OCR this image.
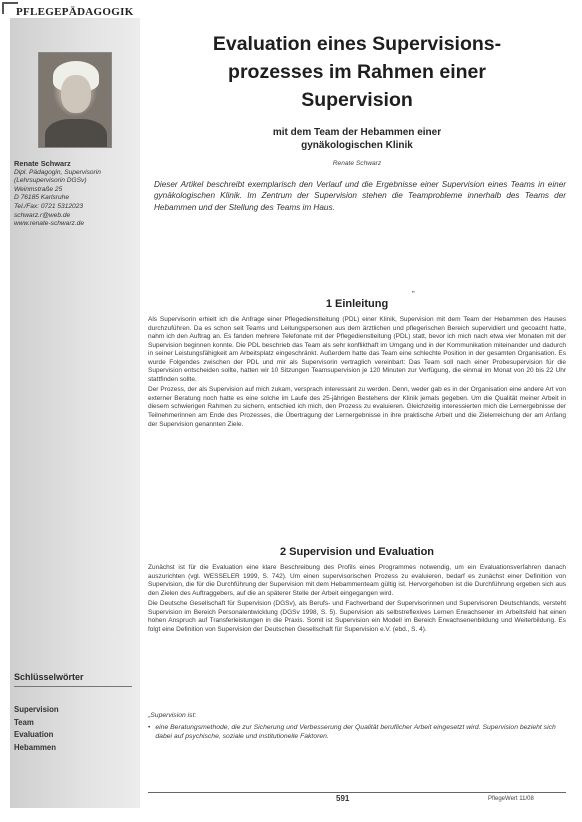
PFLEGEPÄDAGOGIK
Renate Schwarz
Dipl. Pädagogin, Supervisorin
(Lehrsupervisorin DGSv)
Weinmstraße 25
D 76185 Karlsruhe
Tel./Fax: 0721 5312023
schwarz.r@web.de
www.renate-schwarz.de
Schlüsselwörter
Supervision
Team
Evaluation
Hebammen
Evaluation eines Supervisions-
prozesses im Rahmen einer
Supervision
mit dem Team der Hebammen einer
gynäkologischen Klinik
Renate Schwarz
Dieser Artikel beschreibt exemplarisch den Verlauf und die Ergebnisse einer Supervision eines Teams in einer gynäkologischen Klinik. Im Zentrum der Supervision stehen die Teamprobleme innerhalb des Teams der Hebammen und der Stellung des Teams im Haus.
”
1 Einleitung

Als Supervisorin erhielt ich die Anfrage einer Pflegedienstleitung (PDL) einer Klinik, Supervision mit dem Team der Hebammen des Hauses durchzuführen. Da es schon seit Teams und Leitungspersonen aus dem ärztlichen und pflegerischen Bereich supervidiert und gecoacht hatte, nahm ich den Auftrag an. Es fanden mehrere Telefonate mit der Pflegedienstleitung (PDL) statt, bevor ich mich nach etwa vier Monaten mit der Supervision beginnen konnte. Die PDL beschrieb das Team als sehr konflikthaft im Umgang und in der Kommunikation miteinander und dadurch in seiner Leistungsfähigkeit am Arbeitsplatz eingeschränkt. Außerdem hatte das Team eine schlechte Position in der gesamten Organisation. Es wurde Folgendes zwischen der PDL und mir als Supervisorin vertraglich vereinbart: Das Team soll nach einer Probesupervision für die Supervision entscheiden sollte, hatten wir 10 Sitzungen Teamsupervision je 120 Minuten zur Verfügung, die einmal im Monat von 20 bis 22 Uhr stattfinden sollte.

Der Prozess, der als Supervision auf mich zukam, versprach interessant zu werden. Denn, weder gab es in der Organisation eine andere Art von externer Beratung noch hatte es eine solche im Laufe des 25-jährigen Bestehens der Klinik jemals gegeben. Um die Qualität meiner Arbeit in diesem schwierigen Rahmen zu sichern, entschied ich mich, den Prozess zu evaluieren. Gleichzeitig interessierten mich die Lernergebnisse der Teilnehmerinnen am Ende des Prozesses, die Übertragung der Lernergebnisse in ihre praktische Arbeit und die Zielerreichung der am Anfang der Supervision genannten Ziele.

2 Supervision und Evaluation

Zunächst ist für die Evaluation eine klare Beschreibung des Profils eines Programmes notwendig, um ein Evaluationsverfahren danach auszurichten (vgl. WESSELER 1999, S. 742). Um einen supervisorischen Prozess zu evaluieren, bedarf es zunächst einer Definition von Supervision, die für die Durchführung der Supervision mit dem Hebammenteam gültig ist. Hervorgehoben ist die Durchführung ergeben sich aus den Zielen des Auftraggebers, auf die an späterer Stelle der Arbeit eingegangen wird.

Die Deutsche Gesellschaft für Supervision (DGSv), als Berufs- und Fachverband der Supervisorinnen und Supervisoren Deutschlands, versteht Supervision im Bereich Personalentwicklung (DGSv 1998, S. 5). Supervision als selbstreflexives Lernen Erwachsener im Arbeitsfeld hat einen hohen Anspruch auf Transferleistungen in die Praxis. Somit ist Supervision ein Modell im Bereich Erwachsenenbildung und Weiterbildung. Es folgt eine Definition von Supervision der Deutschen Gesellschaft für Supervision e.V. (ebd., S. 4).

„Supervision ist:
• eine Beratungsmethode, die zur Sicherung und Verbesserung der Qualität beruflicher Arbeit eingesetzt wird. Supervision bezieht sich dabei auf psychische, soziale und institutionelle Faktoren.
591	PflegeWert 11/08
